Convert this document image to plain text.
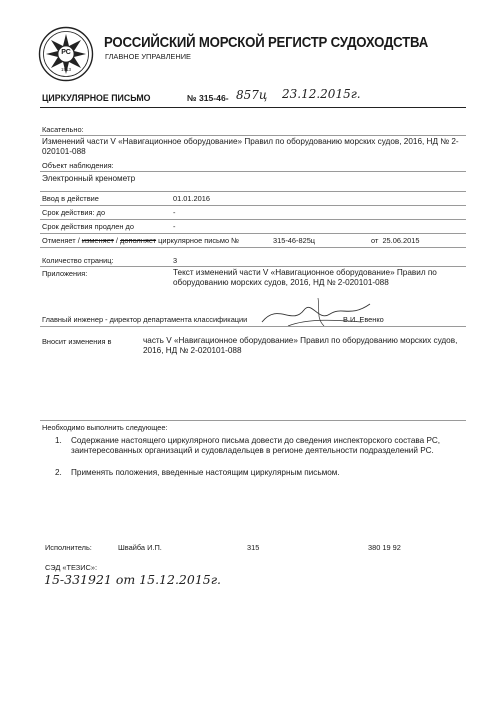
РС
1913
РОССИЙСКИЙ МОРСКОЙ РЕГИСТР СУДОХОДСТВА
ГЛАВНОЕ УПРАВЛЕНИЕ
ЦИРКУЛЯРНОЕ ПИСЬМО	№ 315-46- 857ц 23.12.2015г.
Касательно:
Изменений части V «Навигационное оборудование» Правил по оборудованию морских судов, 2016, НД № 2-020101-088
Объект наблюдения:
Электронный кренометр
Ввод в действие	01.01.2016
Срок действия: до	-
Срок действия продлен до	-
Отменяет / изменяет / дополняет циркулярное письмо №	315-46-825ц	от  25.06.2015
Количество страниц:	3
Приложения:	Текст изменений части V «Навигационное оборудование» Правил по оборудованию морских судов, 2016, НД № 2-020101-088
Главный инженер - директор департамента классификации	В.И. Евенко
Вносит изменения в	часть V «Навигационное оборудование» Правил по оборудованию морских судов, 2016, НД № 2-020101-088
Необходимо выполнить следующее:
1. Содержание настоящего циркулярного письма довести до сведения инспекторского состава РС, заинтересованных организаций и судовладельцев в регионе деятельности подразделений РС.
2. Применять положения, введенные настоящим циркулярным письмом.
Исполнитель:	Швайба И.П.	315	380 19 92
СЭД «ТЕЗИС»:
15-331921 от 15.12.2015г.
